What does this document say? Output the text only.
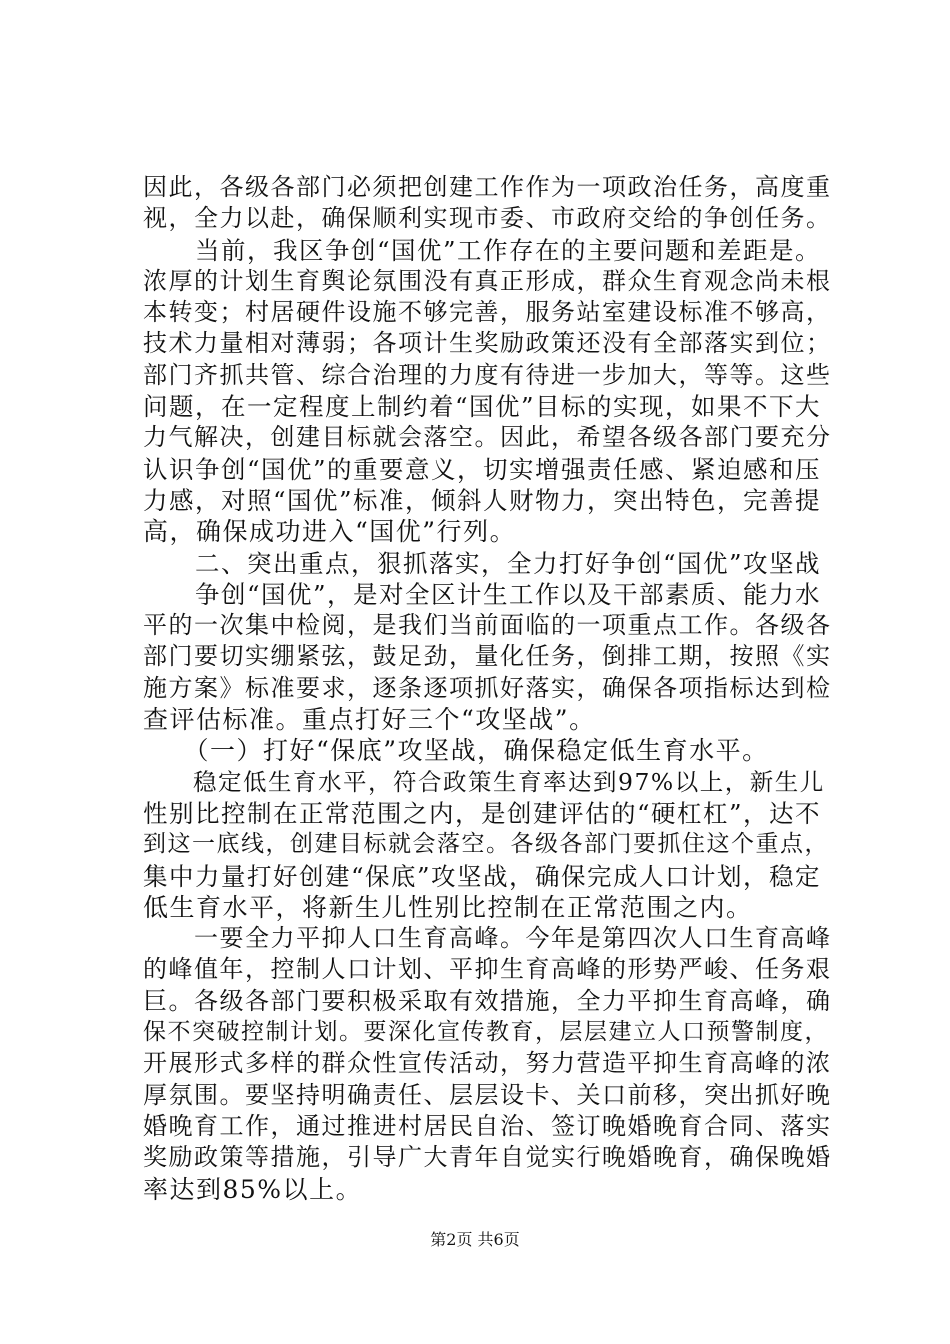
因此，各级各部门必须把创建工作作为一项政治任务，高度重
视，全力以赴，确保顺利实现市委、市政府交给的争创任务。
　　当前，我区争创“国优”工作存在的主要问题和差距是。
浓厚的计划生育舆论氛围没有真正形成，群众生育观念尚未根
本转变；村居硬件设施不够完善，服务站室建设标准不够高，
技术力量相对薄弱；各项计生奖励政策还没有全部落实到位；
部门齐抓共管、综合治理的力度有待进一步加大，等等。这些
问题，在一定程度上制约着“国优”目标的实现，如果不下大
力气解决，创建目标就会落空。因此，希望各级各部门要充分
认识争创“国优”的重要意义，切实增强责任感、紧迫感和压
力感，对照“国优”标准，倾斜人财物力，突出特色，完善提
高，确保成功进入“国优”行列。
　　二、突出重点，狠抓落实，全力打好争创“国优”攻坚战
　　争创“国优”，是对全区计生工作以及干部素质、能力水
平的一次集中检阅，是我们当前面临的一项重点工作。各级各
部门要切实绷紧弦，鼓足劲，量化任务，倒排工期，按照《实
施方案》标准要求，逐条逐项抓好落实，确保各项指标达到检
查评估标准。重点打好三个“攻坚战”。
　　（一）打好“保底”攻坚战，确保稳定低生育水平。
　　稳定低生育水平，符合政策生育率达到97%以上，新生儿
性别比控制在正常范围之内，是创建评估的“硬杠杠”，达不
到这一底线，创建目标就会落空。各级各部门要抓住这个重点，
集中力量打好创建“保底”攻坚战，确保完成人口计划，稳定
低生育水平，将新生儿性别比控制在正常范围之内。
　　一要全力平抑人口生育高峰。今年是第四次人口生育高峰
的峰值年，控制人口计划、平抑生育高峰的形势严峻、任务艰
巨。各级各部门要积极采取有效措施，全力平抑生育高峰，确
保不突破控制计划。要深化宣传教育，层层建立人口预警制度，
开展形式多样的群众性宣传活动，努力营造平抑生育高峰的浓
厚氛围。要坚持明确责任、层层设卡、关口前移，突出抓好晚
婚晚育工作，通过推进村居民自治、签订晚婚晚育合同、落实
奖励政策等措施，引导广大青年自觉实行晚婚晚育，确保晚婚
率达到85%以上。
第2页 共6页
